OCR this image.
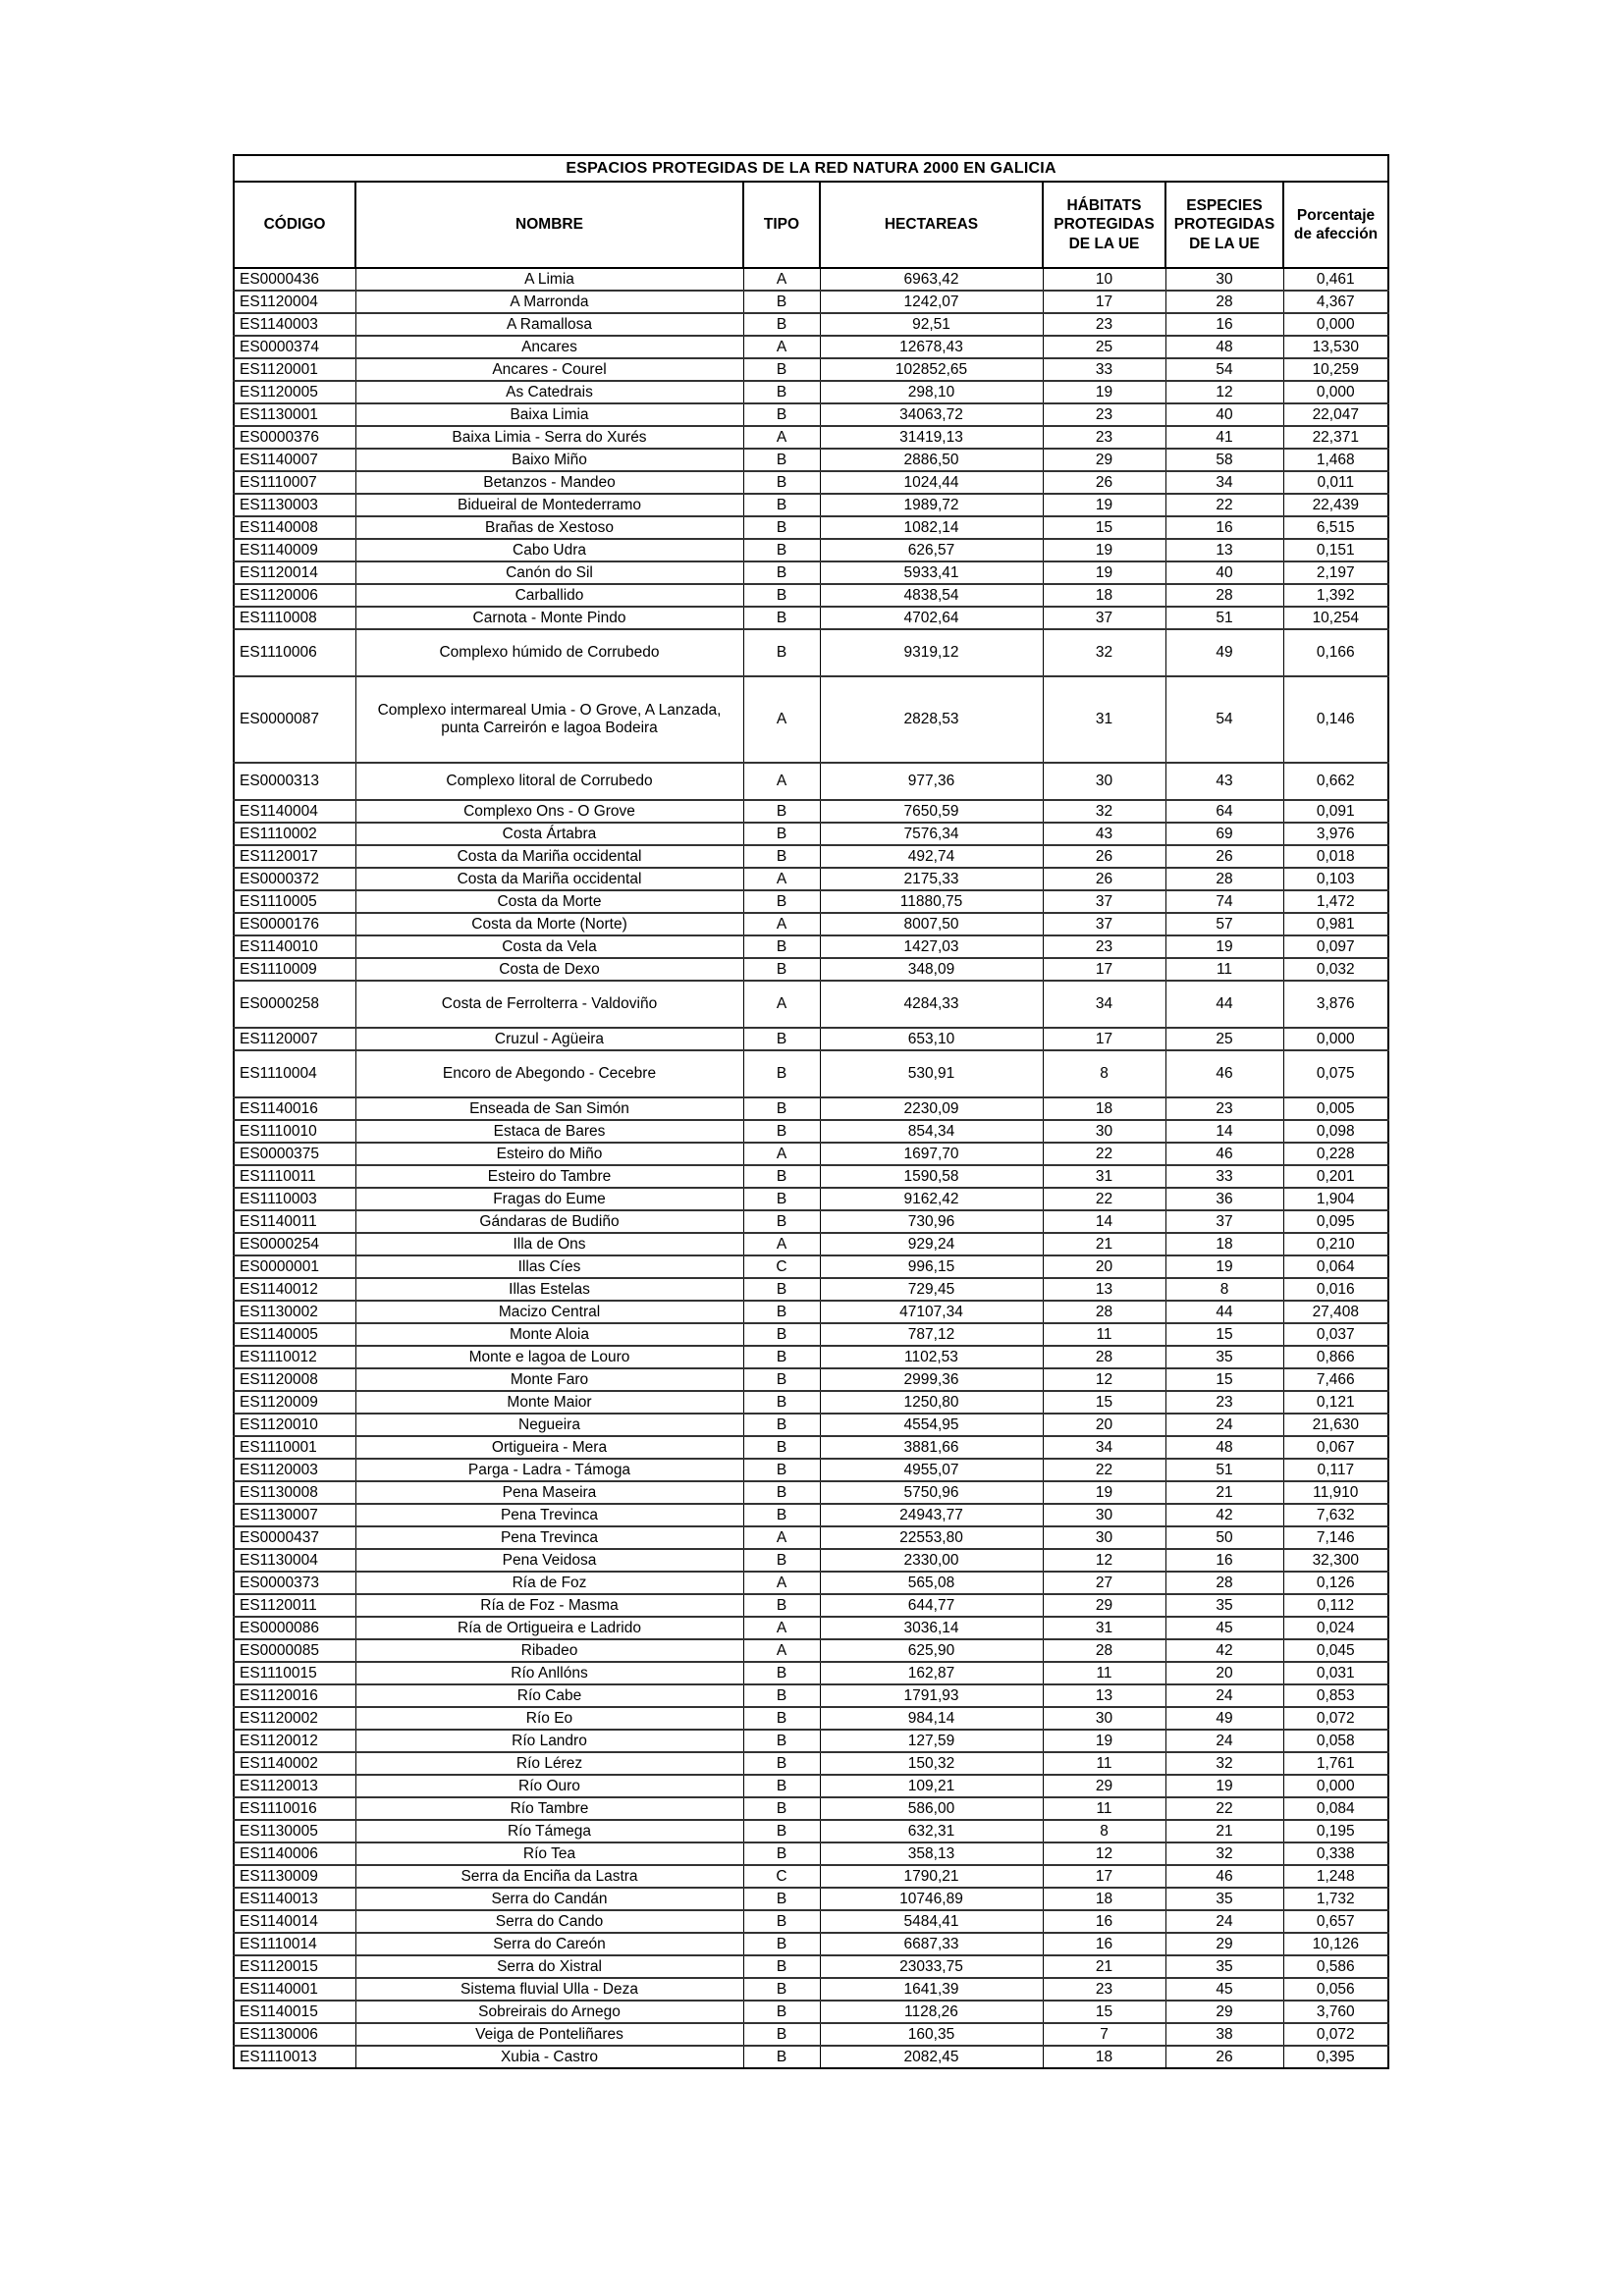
ESPACIOS PROTEGIDAS DE LA RED NATURA 2000 EN GALICIA						
CÓDIGO	NOMBRE	TIPO	HECTAREAS	HÁBITATS PROTEGIDAS DE LA UE	ESPECIES PROTEGIDAS DE LA UE	Porcentaje de afección
ES0000436	A Limia	A	6963,42	10	30	0,461
ES1120004	A Marronda	B	1242,07	17	28	4,367
ES1140003	A Ramallosa	B	92,51	23	16	0,000
ES0000374	Ancares	A	12678,43	25	48	13,530
ES1120001	Ancares - Courel	B	102852,65	33	54	10,259
ES1120005	As Catedrais	B	298,10	19	12	0,000
ES1130001	Baixa Limia	B	34063,72	23	40	22,047
ES0000376	Baixa Limia - Serra do Xurés	A	31419,13	23	41	22,371
ES1140007	Baixo Miño	B	2886,50	29	58	1,468
ES1110007	Betanzos - Mandeo	B	1024,44	26	34	0,011
ES1130003	Bidueiral de Montederramo	B	1989,72	19	22	22,439
ES1140008	Brañas de Xestoso	B	1082,14	15	16	6,515
ES1140009	Cabo Udra	B	626,57	19	13	0,151
ES1120014	Canón do Sil	B	5933,41	19	40	2,197
ES1120006	Carballido	B	4838,54	18	28	1,392
ES1110008	Carnota - Monte Pindo	B	4702,64	37	51	10,254
ES1110006	Complexo húmido de Corrubedo	B	9319,12	32	49	0,166
ES0000087	Complexo intermareal Umia - O Grove, A Lanzada, punta Carreirón e lagoa Bodeira	A	2828,53	31	54	0,146
ES0000313	Complexo litoral de Corrubedo	A	977,36	30	43	0,662
ES1140004	Complexo Ons - O Grove	B	7650,59	32	64	0,091
ES1110002	Costa Ártabra	B	7576,34	43	69	3,976
ES1120017	Costa da Mariña occidental	B	492,74	26	26	0,018
ES0000372	Costa da Mariña occidental	A	2175,33	26	28	0,103
ES1110005	Costa da Morte	B	11880,75	37	74	1,472
ES0000176	Costa da Morte (Norte)	A	8007,50	37	57	0,981
ES1140010	Costa da Vela	B	1427,03	23	19	0,097
ES1110009	Costa de Dexo	B	348,09	17	11	0,032
ES0000258	Costa de Ferrolterra - Valdoviño	A	4284,33	34	44	3,876
ES1120007	Cruzul - Agüeira	B	653,10	17	25	0,000
ES1110004	Encoro de Abegondo - Cecebre	B	530,91	8	46	0,075
ES1140016	Enseada de San Simón	B	2230,09	18	23	0,005
ES1110010	Estaca de Bares	B	854,34	30	14	0,098
ES0000375	Esteiro do Miño	A	1697,70	22	46	0,228
ES1110011	Esteiro do Tambre	B	1590,58	31	33	0,201
ES1110003	Fragas do Eume	B	9162,42	22	36	1,904
ES1140011	Gándaras de Budiño	B	730,96	14	37	0,095
ES0000254	Illa de Ons	A	929,24	21	18	0,210
ES0000001	Illas Cíes	C	996,15	20	19	0,064
ES1140012	Illas Estelas	B	729,45	13	8	0,016
ES1130002	Macizo Central	B	47107,34	28	44	27,408
ES1140005	Monte Aloia	B	787,12	11	15	0,037
ES1110012	Monte e lagoa de Louro	B	1102,53	28	35	0,866
ES1120008	Monte Faro	B	2999,36	12	15	7,466
ES1120009	Monte Maior	B	1250,80	15	23	0,121
ES1120010	Negueira	B	4554,95	20	24	21,630
ES1110001	Ortigueira - Mera	B	3881,66	34	48	0,067
ES1120003	Parga - Ladra - Támoga	B	4955,07	22	51	0,117
ES1130008	Pena Maseira	B	5750,96	19	21	11,910
ES1130007	Pena Trevinca	B	24943,77	30	42	7,632
ES0000437	Pena Trevinca	A	22553,80	30	50	7,146
ES1130004	Pena Veidosa	B	2330,00	12	16	32,300
ES0000373	Ría de Foz	A	565,08	27	28	0,126
ES1120011	Ría de Foz - Masma	B	644,77	29	35	0,112
ES0000086	Ría de Ortigueira e Ladrido	A	3036,14	31	45	0,024
ES0000085	Ribadeo	A	625,90	28	42	0,045
ES1110015	Río Anllóns	B	162,87	11	20	0,031
ES1120016	Río Cabe	B	1791,93	13	24	0,853
ES1120002	Río Eo	B	984,14	30	49	0,072
ES1120012	Río Landro	B	127,59	19	24	0,058
ES1140002	Río Lérez	B	150,32	11	32	1,761
ES1120013	Río Ouro	B	109,21	29	19	0,000
ES1110016	Río Tambre	B	586,00	11	22	0,084
ES1130005	Río Támega	B	632,31	8	21	0,195
ES1140006	Río Tea	B	358,13	12	32	0,338
ES1130009	Serra da Enciña da Lastra	C	1790,21	17	46	1,248
ES1140013	Serra do Candán	B	10746,89	18	35	1,732
ES1140014	Serra do Cando	B	5484,41	16	24	0,657
ES1110014	Serra do Careón	B	6687,33	16	29	10,126
ES1120015	Serra do Xistral	B	23033,75	21	35	0,586
ES1140001	Sistema fluvial Ulla - Deza	B	1641,39	23	45	0,056
ES1140015	Sobreirais do Arnego	B	1128,26	15	29	3,760
ES1130006	Veiga de Ponteliñares	B	160,35	7	38	0,072
ES1110013	Xubia - Castro	B	2082,45	18	26	0,395
